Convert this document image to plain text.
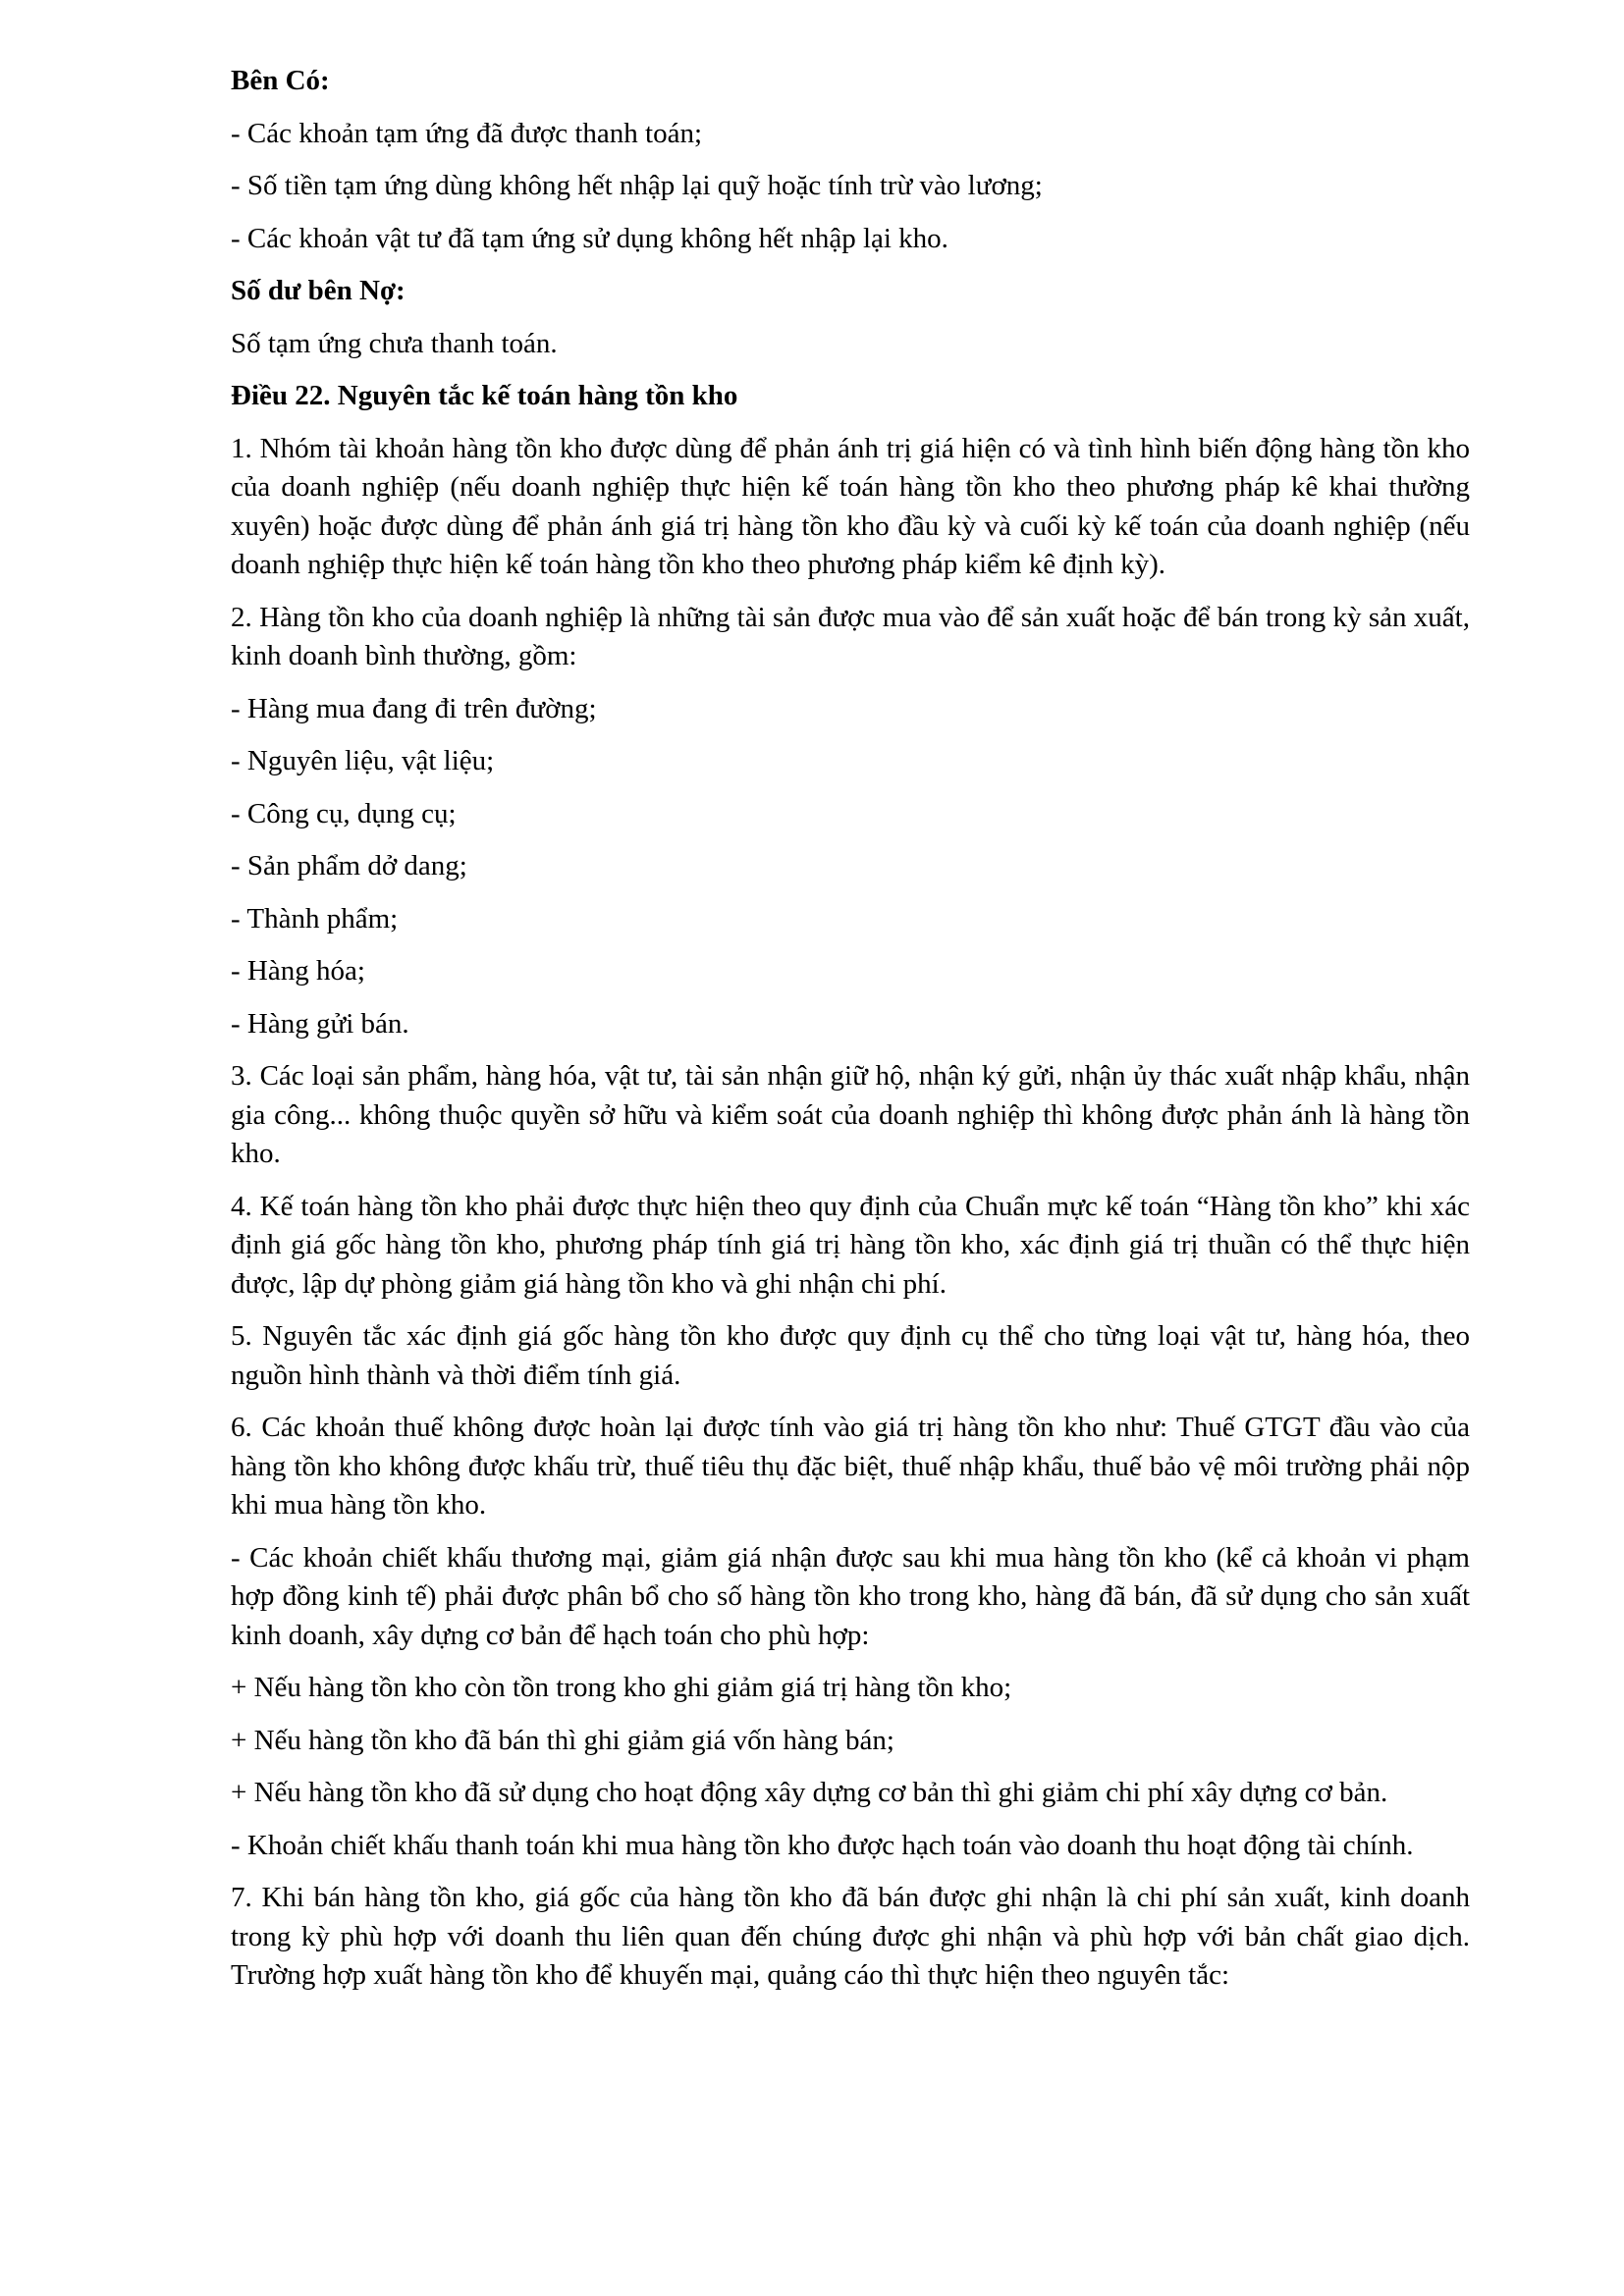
Bên Có:
- Các khoản tạm ứng đã được thanh toán;
- Số tiền tạm ứng dùng không hết nhập lại quỹ hoặc tính trừ vào lương;
- Các khoản vật tư đã tạm ứng sử dụng không hết nhập lại kho.
Số dư bên Nợ:
Số tạm ứng chưa thanh toán.
Điều 22. Nguyên tắc kế toán hàng tồn kho
1. Nhóm tài khoản hàng tồn kho được dùng để phản ánh trị giá hiện có và tình hình biến động hàng tồn kho của doanh nghiệp (nếu doanh nghiệp thực hiện kế toán hàng tồn kho theo phương pháp kê khai thường xuyên) hoặc được dùng để phản ánh giá trị hàng tồn kho đầu kỳ và cuối kỳ kế toán của doanh nghiệp (nếu doanh nghiệp thực hiện kế toán hàng tồn kho theo phương pháp kiểm kê định kỳ).
2. Hàng tồn kho của doanh nghiệp là những tài sản được mua vào để sản xuất hoặc để bán trong kỳ sản xuất, kinh doanh bình thường, gồm:
- Hàng mua đang đi trên đường;
- Nguyên liệu, vật liệu;
- Công cụ, dụng cụ;
- Sản phẩm dở dang;
- Thành phẩm;
- Hàng hóa;
- Hàng gửi bán.
3. Các loại sản phẩm, hàng hóa, vật tư, tài sản nhận giữ hộ, nhận ký gửi, nhận ủy thác xuất nhập khẩu, nhận gia công... không thuộc quyền sở hữu và kiểm soát của doanh nghiệp thì không được phản ánh là hàng tồn kho.
4. Kế toán hàng tồn kho phải được thực hiện theo quy định của Chuẩn mực kế toán “Hàng tồn kho” khi xác định giá gốc hàng tồn kho, phương pháp tính giá trị hàng tồn kho, xác định giá trị thuần có thể thực hiện được, lập dự phòng giảm giá hàng tồn kho và ghi nhận chi phí.
5. Nguyên tắc xác định giá gốc hàng tồn kho được quy định cụ thể cho từng loại vật tư, hàng hóa, theo nguồn hình thành và thời điểm tính giá.
6. Các khoản thuế không được hoàn lại được tính vào giá trị hàng tồn kho như: Thuế GTGT đầu vào của hàng tồn kho không được khấu trừ, thuế tiêu thụ đặc biệt, thuế nhập khẩu, thuế bảo vệ môi trường phải nộp khi mua hàng tồn kho.
- Các khoản chiết khấu thương mại, giảm giá nhận được sau khi mua hàng tồn kho (kể cả khoản vi phạm hợp đồng kinh tế) phải được phân bổ cho số hàng tồn kho trong kho, hàng đã bán, đã sử dụng cho sản xuất kinh doanh, xây dựng cơ bản để hạch toán cho phù hợp:
+ Nếu hàng tồn kho còn tồn trong kho ghi giảm giá trị hàng tồn kho;
+ Nếu hàng tồn kho đã bán thì ghi giảm giá vốn hàng bán;
+ Nếu hàng tồn kho đã sử dụng cho hoạt động xây dựng cơ bản thì ghi giảm chi phí xây dựng cơ bản.
- Khoản chiết khấu thanh toán khi mua hàng tồn kho được hạch toán vào doanh thu hoạt động tài chính.
7. Khi bán hàng tồn kho, giá gốc của hàng tồn kho đã bán được ghi nhận là chi phí sản xuất, kinh doanh trong kỳ phù hợp với doanh thu liên quan đến chúng được ghi nhận và phù hợp với bản chất giao dịch. Trường hợp xuất hàng tồn kho để khuyến mại, quảng cáo thì thực hiện theo nguyên tắc:
